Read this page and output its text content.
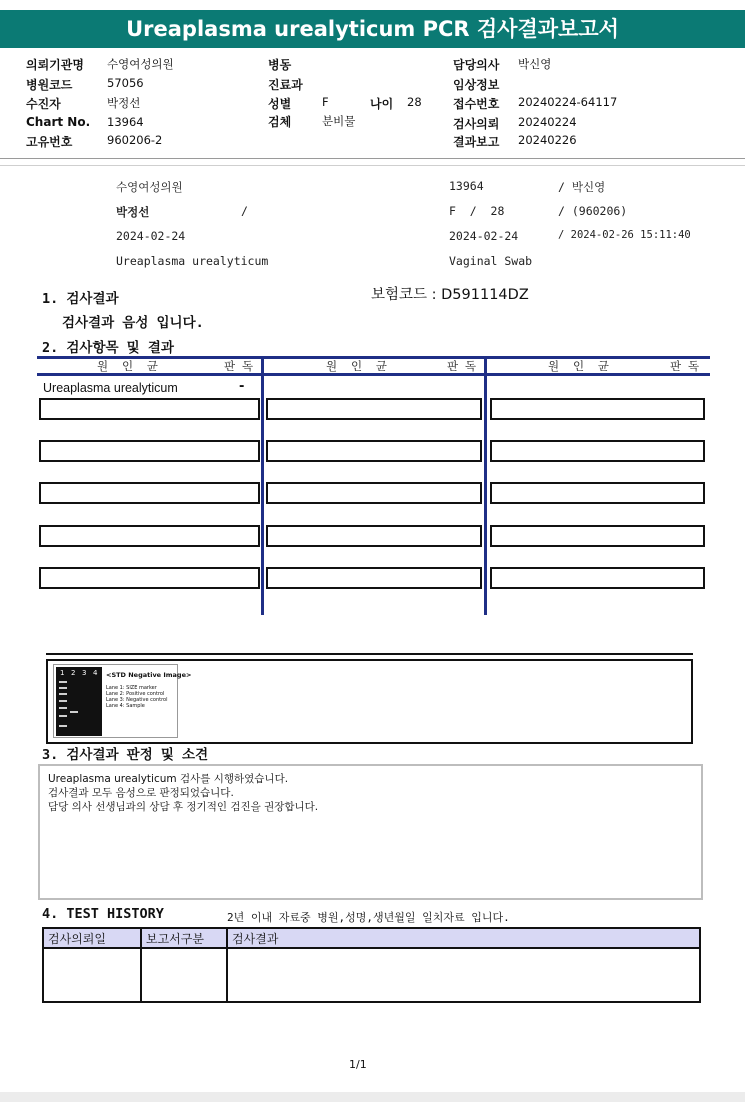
Ureaplasma urealyticum PCR 검사결과보고서
의뢰기관명 수영여성의원
병원코드	57056
수진자	박정선
Chart No. 13964
고유번호	960206-2
병동
진료과
성별	F	나이 28
검체	분비물
담당의사 박신영
임상정보
접수번호 20240224-64117
검사의뢰 20240224
결과보고 20240226
수영여성의원	13964	/ 박신영
박정선	/	F  /  28	/ (960206)
2024-02-24	2024-02-24	/ 2024-02-26 15:11:40
Ureaplasma urealyticum	Vaginal Swab
1. 검사결과	보험코드 : D591114DZ
검사결과 음성 입니다.
2. 검사항목 및 결과
원  인  균	판 독	원  인  균	판 독	원  인  균	판 독
Ureaplasma urealyticum	-
1 2 3 4 <STD Negative Image>
Lane 1: SIZE marker
Lane 2: Positive control
Lane 3: Negative control
Lane 4: Sample
3. 검사결과 판정 및 소견
Ureaplasma urealyticum 검사를 시행하였습니다.
검사결과 모두 음성으로 판정되었습니다.
담당 의사 선생님과의 상담 후 정기적인 검진을 권장합니다.
4. TEST HISTORY	2년 이내 자료중 병원,성명,생년월일 일치자료 입니다.
검사의뢰일	보고서구분	검사결과

1/1
